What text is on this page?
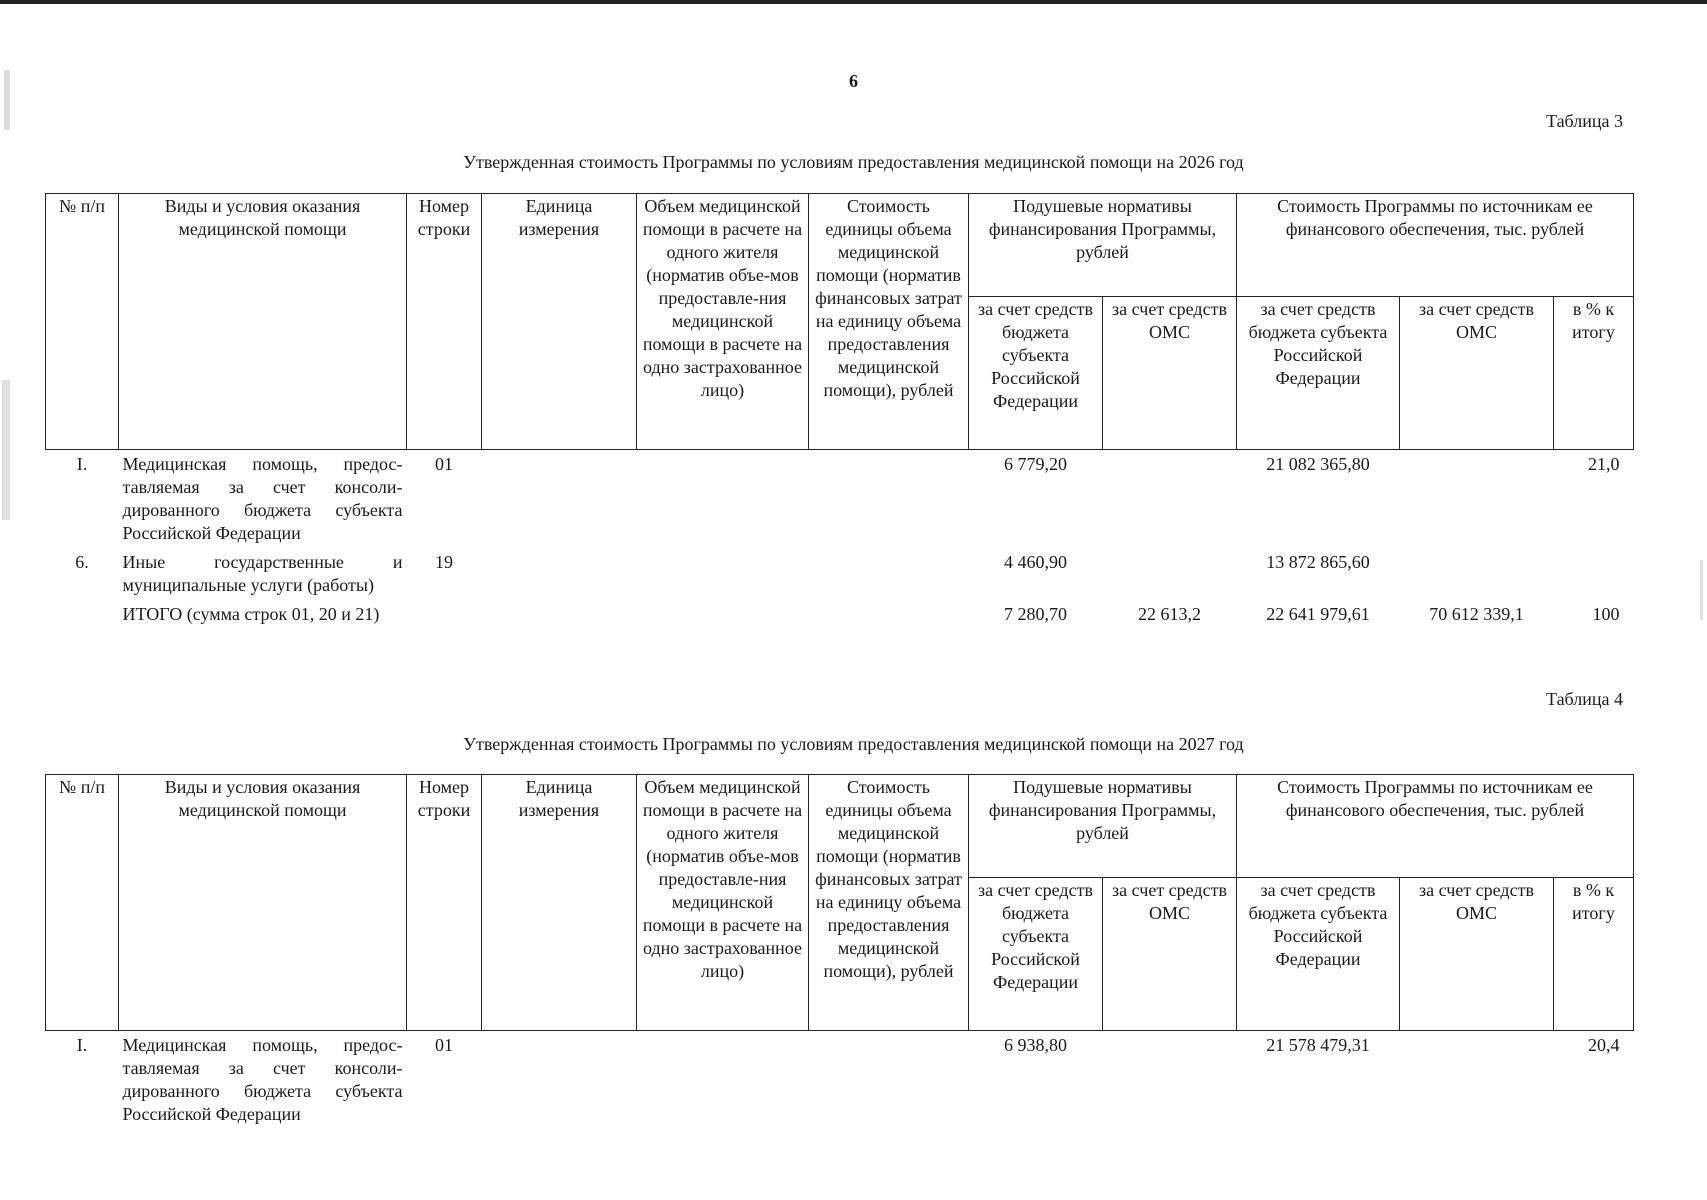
6
Таблица 3
Утвержденная стоимость Программы по условиям предоставления медицинской помощи на 2026 год
№ п/п	Виды и условия оказания медицинской помощи	Номер строки	Единица измерения	Объем медицинской помощи в расчете на одного жителя (норматив объе-мов предоставле-ния медицинской помощи в расчете на одно застрахованное лицо)	Стоимость единицы объема медицинской помощи (норматив финансовых затрат на единицу объема предоставления медицинской помощи), рублей	Подушевые нормативы финансирования Программы, рублей		Стоимость Программы по источникам ее финансового обеспечения, тыс. рублей		
						за счет средств бюджета субъекта Российской Федерации	за счет средств ОМС	за счет средств бюджета субъекта Российской Федерации	за счет средств ОМС	в % к итогу
I.	Медицинская помощь, предос-тавляемая за счет консоли-дированного бюджета субъекта Российской Федерации	01				6 779,20		21 082 365,80		21,0
6.	Иные государственные и муниципальные услуги (работы)	19				4 460,90		13 872 865,60		
	ИТОГО (сумма строк 01, 20 и 21)					7 280,70	22 613,2	22 641 979,61	70 612 339,1	100
Таблица 4
Утвержденная стоимость Программы по условиям предоставления медицинской помощи на 2027 год
№ п/п	Виды и условия оказания медицинской помощи	Номер строки	Единица измерения	Объем медицинской помощи в расчете на одного жителя (норматив объе-мов предоставле-ния медицинской помощи в расчете на одно застрахованное лицо)	Стоимость единицы объема медицинской помощи (норматив финансовых затрат на единицу объема предоставления медицинской помощи), рублей	Подушевые нормативы финансирования Программы, рублей		Стоимость Программы по источникам ее финансового обеспечения, тыс. рублей		
						за счет средств бюджета субъекта Российской Федерации	за счет средств ОМС	за счет средств бюджета субъекта Российской Федерации	за счет средств ОМС	в % к итогу
I.	Медицинская помощь, предос-тавляемая за счет консоли-дированного бюджета субъекта Российской Федерации	01				6 938,80		21 578 479,31		20,4
